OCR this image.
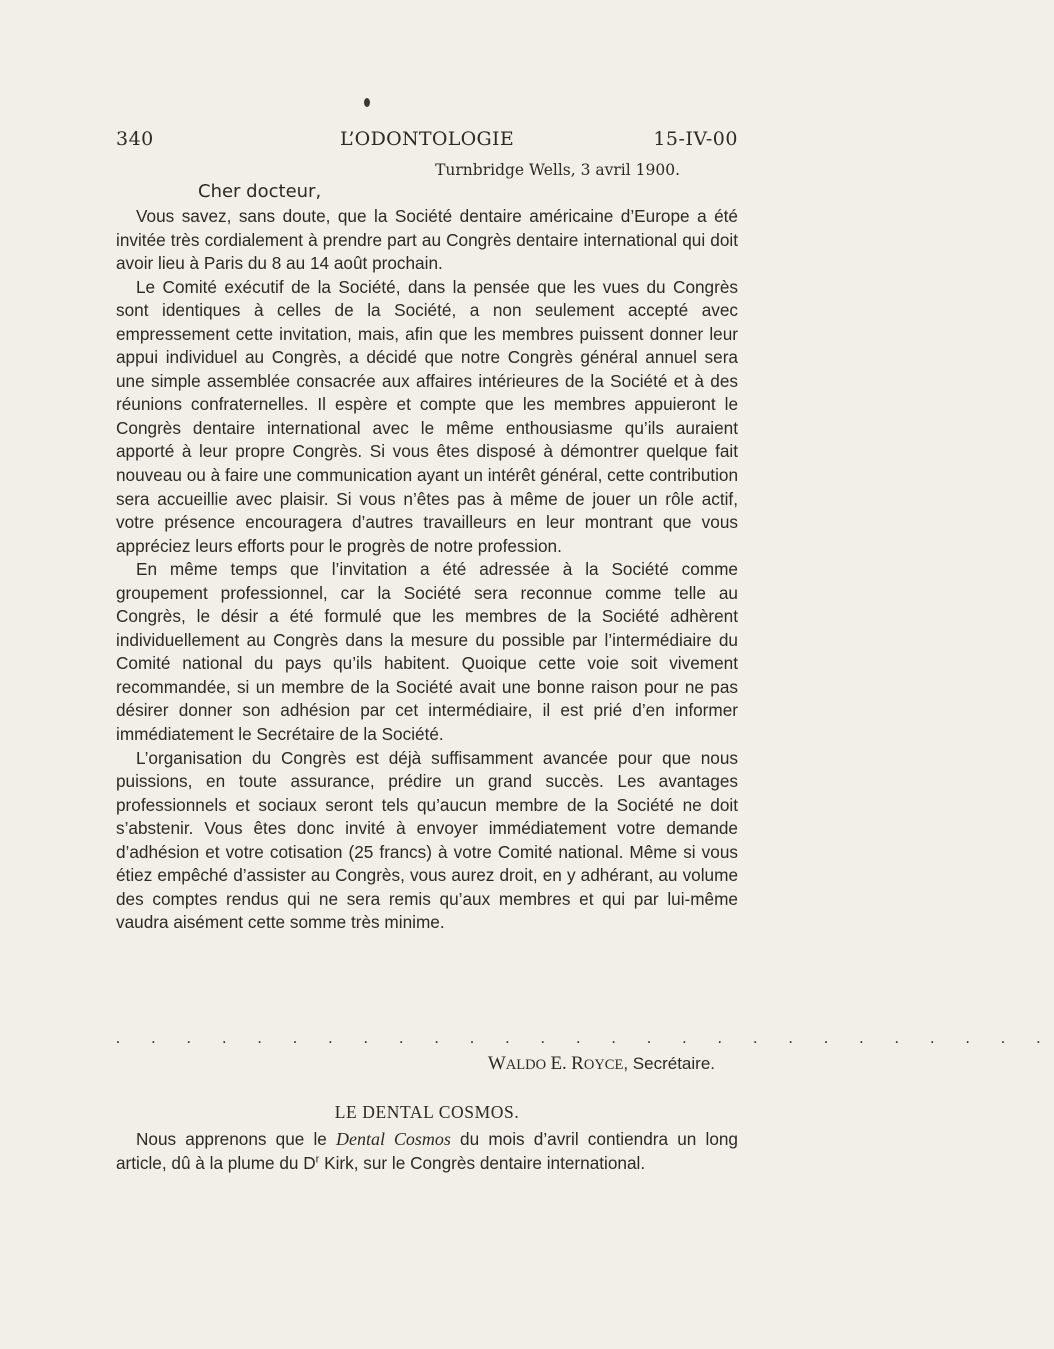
340	L’ODONTOLOGIE	15-IV-00
Turnbridge Wells, 3 avril 1900.
Cher docteur,

Vous savez, sans doute, que la Société dentaire américaine d’Europe a été invitée très cordialement à prendre part au Congrès dentaire international qui doit avoir lieu à Paris du 8 au 14 août prochain.

Le Comité exécutif de la Société, dans la pensée que les vues du Congrès sont identiques à celles de la Société, a non seulement accepté avec empressement cette invitation, mais, afin que les membres puissent donner leur appui individuel au Congrès, a décidé que notre Congrès général annuel sera une simple assemblée consacrée aux affaires intérieures de la Société et à des réunions confraternelles. Il espère et compte que les membres appuieront le Congrès dentaire international avec le même enthousiasme qu’ils auraient apporté à leur propre Congrès. Si vous êtes disposé à démontrer quelque fait nouveau ou à faire une communication ayant un intérêt général, cette contribution sera accueillie avec plaisir. Si vous n’êtes pas à même de jouer un rôle actif, votre présence encouragera d’autres travailleurs en leur montrant que vous appréciez leurs efforts pour le progrès de notre profession.

En même temps que l’invitation a été adressée à la Société comme groupement professionnel, car la Société sera reconnue comme telle au Congrès, le désir a été formulé que les membres de la Société adhèrent individuellement au Congrès dans la mesure du possible par l’intermédiaire du Comité national du pays qu’ils habitent. Quoique cette voie soit vivement recommandée, si un membre de la Société avait une bonne raison pour ne pas désirer donner son adhésion par cet intermédiaire, il est prié d’en informer immédiatement le Secrétaire de la Société.

L’organisation du Congrès est déjà suffisamment avancée pour que nous puissions, en toute assurance, prédire un grand succès. Les avantages professionnels et sociaux seront tels qu’aucun membre de la Société ne doit s’abstenir. Vous êtes donc invité à envoyer immédiatement votre demande d’adhésion et votre cotisation (25 francs) à votre Comité national. Même si vous étiez empêché d’assister au Congrès, vous aurez droit, en y adhérant, au volume des comptes rendus qui ne sera remis qu’aux membres et qui par lui-même vaudra aisément cette somme très minime.

. . . . . . . . . . . . . . . . . . . . . . . . . . .
WALDO E. ROYCE, Secrétaire.
LE DENTAL COSMOS.

Nous apprenons que le Dental Cosmos du mois d’avril contiendra un long article, dû à la plume du $D^r$ Kirk, sur le Congrès dentaire international.
